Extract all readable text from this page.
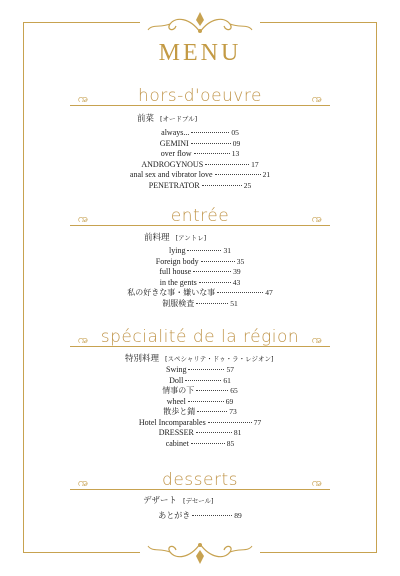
MENU
ꩠ	ꩠ
hors-d'oeuvre
前菜 [オードブル]
always...	05
GEMINI	09
over flow	13
ANDROGYNOUS	17
anal sex and vibrator love	21
PENETRATOR	25
ꩠ	ꩠ
entrée
前料理 [アントレ]
lying	31
Foreign body	35
full house	39
in the gents	43
私の好きな事・嫌いな事	47
制服検査	51
ꩠ	ꩠ
spécialité de la région
特別料理 [スペシャリテ・ドゥ・ラ・レジオン]
Swing	57
Doll	61
情事の下	65
wheel	69
散歩と錆	73
Hotel Incomparables	77
DRESSER	81
cabinet	85
ꩠ	ꩠ
desserts
デザート [デセール]
あとがき	89
